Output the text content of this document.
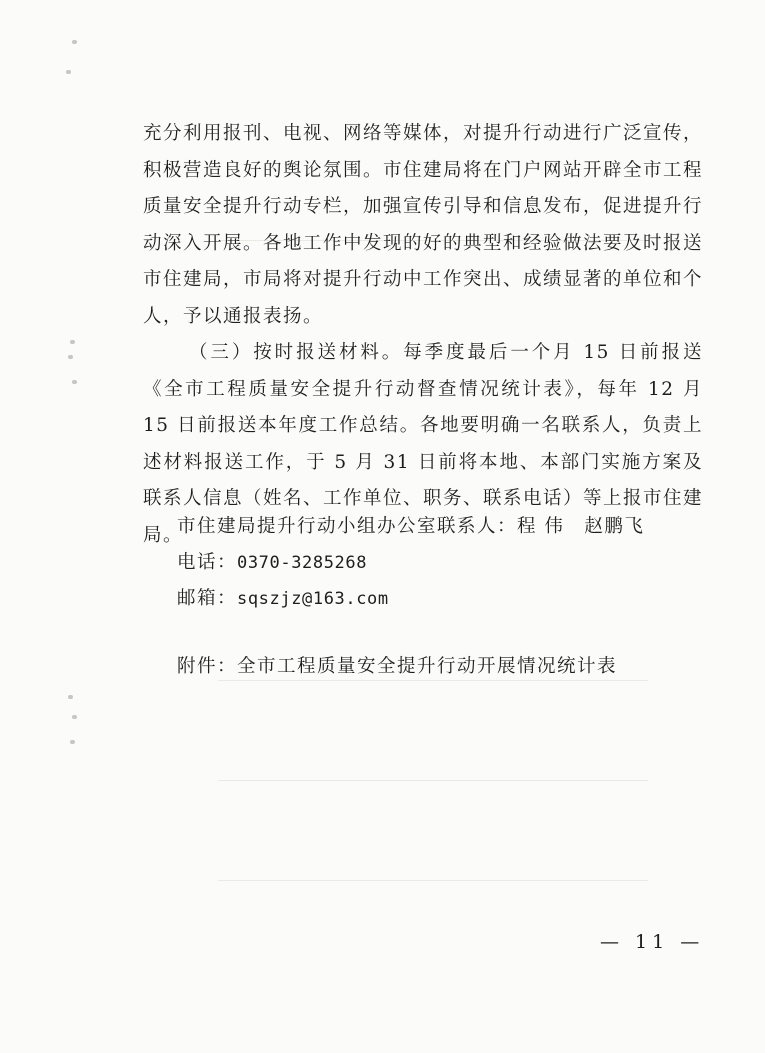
充分利用报刊、电视、网络等媒体，对提升行动进行广泛宣传，积极营造良好的舆论氛围。市住建局将在门户网站开辟全市工程质量安全提升行动专栏，加强宣传引导和信息发布，促进提升行动深入开展。各地工作中发现的好的典型和经验做法要及时报送市住建局，市局将对提升行动中工作突出、成绩显著的单位和个人，予以通报表扬。

（三）按时报送材料。每季度最后一个月 15 日前报送《全市工程质量安全提升行动督查情况统计表》，每年 12 月 15 日前报送本年度工作总结。各地要明确一名联系人，负责上述材料报送工作，于 5 月 31 日前将本地、本部门实施方案及联系人信息（姓名、工作单位、职务、联系电话）等上报市住建局。

市住建局提升行动小组办公室联系人：程 伟　赵鹏飞
电话：0370-3285268
邮箱：sqszjz@163.com
附件：全市工程质量安全提升行动开展情况统计表
— 11 —
